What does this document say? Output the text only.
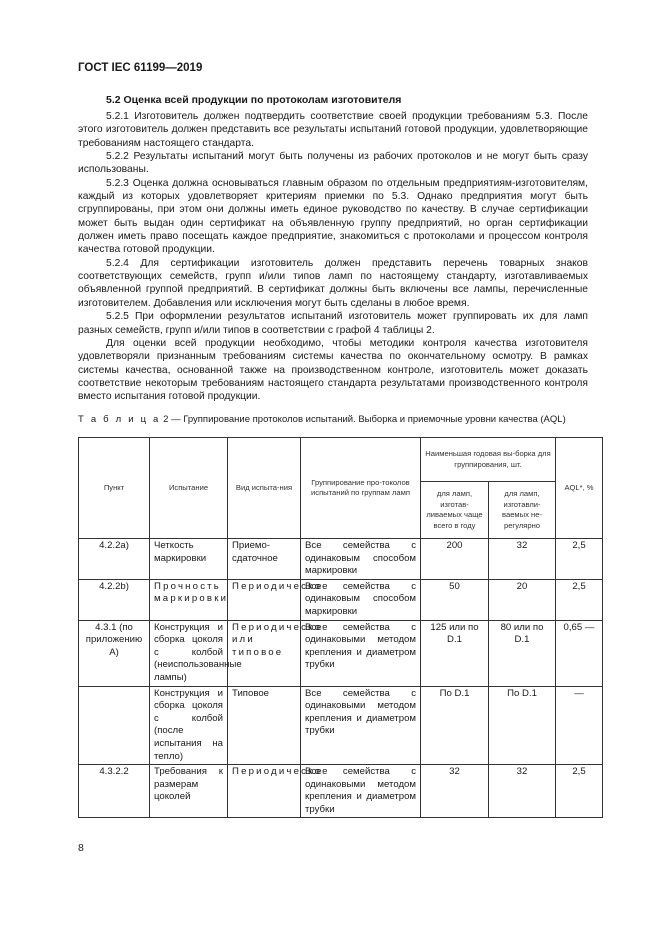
ГОСТ IEC 61199—2019
5.2 Оценка всей продукции по протоколам изготовителя

5.2.1 Изготовитель должен подтвердить соответствие своей продукции требованиям 5.3. После этого изготовитель должен представить все результаты испытаний готовой продукции, удовлетворяющие требованиям настоящего стандарта.

5.2.2 Результаты испытаний могут быть получены из рабочих протоколов и не могут быть сразу использованы.

5.2.3 Оценка должна основываться главным образом по отдельным предприятиям-изготовителям, каждый из которых удовлетворяет критериям приемки по 5.3. Однако предприятия могут быть сгруппированы, при этом они должны иметь единое руководство по качеству. В случае сертификации может быть выдан один сертификат на объявленную группу предприятий, но орган сертификации должен иметь право посещать каждое предприятие, знакомиться с протоколами и процессом контроля качества готовой продукции.

5.2.4 Для сертификации изготовитель должен представить перечень товарных знаков соответствующих семейств, групп и/или типов ламп по настоящему стандарту, изготавливаемых объявленной группой предприятий. В сертификат должны быть включены все лампы, перечисленные изготовителем. Добавления или исключения могут быть сделаны в любое время.

5.2.5 При оформлении результатов испытаний изготовитель может группировать их для ламп разных семейств, групп и/или типов в соответствии с графой 4 таблицы 2.

Для оценки всей продукции необходимо, чтобы методики контроля качества изготовителя удовлетворяли признанным требованиям системы качества по окончательному осмотру. В рамках системы качества, основанной также на производственном контроле, изготовитель может доказать соответствие некоторым требованиям настоящего стандарта результатами производственного контроля вместо испытания готовой продукции.

Т а б л и ц а 2 — Группирование протоколов испытаний. Выборка и приемочные уровни качества (AQL)
Пункт	Испытание	Вид испыта-ния	Группирование про-токолов испытаний по группам ламп	Наименьшая годовая вы-борка для группирования, шт.		AQL*, %
				для ламп, изготав-ливаемых чаще всего в году	для ламп, изготавли-ваемых не-регулярно	
4.2.2a)	Четкость маркировки	Приемо-сдаточное	Все семейства с одинаковым способом маркировки	200	32	2,5
4.2.2b)	Прочность маркировки	Периодическое	Все семейства с одинаковым способом маркировки	50	20	2,5
4.3.1 (по приложению А)	Конструкция и сборка цоколя с колбой (неиспользованные лампы)	Периодическое или типовое	Все семейства с одинаковыми методом крепления и диаметром трубки	125 или по D.1	80 или по D.1	0,65 —
	Конструкция и сборка цоколя с колбой (после испытания на тепло)	Типовое	Все семейства с одинаковыми методом крепления и диаметром трубки	По D.1	По D.1	—
4.3.2.2	Требования к размерам цоколей	Периодическое	Все семейства с одинаковыми методом крепления и диаметром трубки	32	32	2,5
8
